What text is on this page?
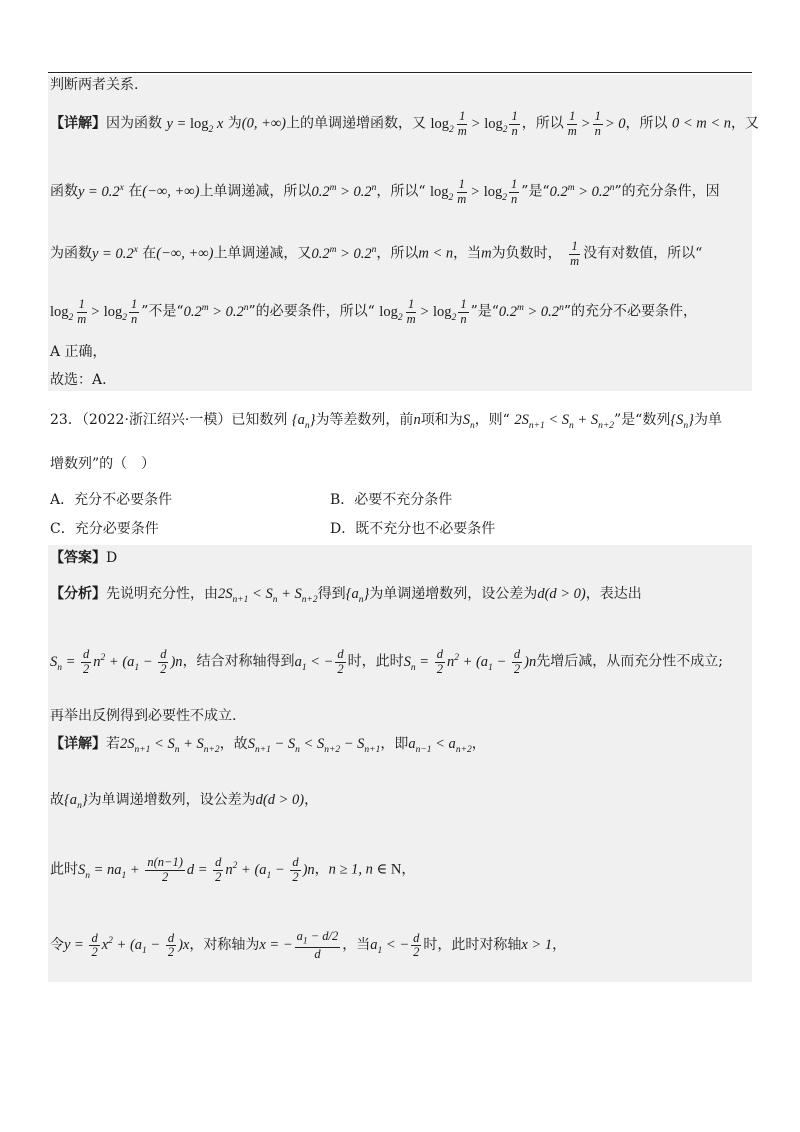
判断两者关系.
【详解】因为函数 $y = \log_2 x$ 为(0, +∞)上的单调递增函数，又 $\log_2 \frac{1}{m} > \log_2 \frac{1}{n}$ ，所以 $\frac{1}{m} > \frac{1}{n} > 0$，所以 0 < m < n，又
函数$y = 0.2^x$ 在(−∞, +∞)上单调递减，所以$0.2^m > 0.2^n$，所以“ $\log_2 \frac{1}{m} > \log_2 \frac{1}{n}$ ”是“$0.2^m > 0.2^n$”的充分条件，因
为函数$y = 0.2^x$ 在(−∞, +∞)上单调递减，又$0.2^m > 0.2^n$，所以m < n，当m为负数时， $\frac{1}{m}$ 没有对数值，所以“
$\log_2 \frac{1}{m} > \log_2 \frac{1}{n}$ ”不是“$0.2^m > 0.2^n$”的必要条件，所以“ $\log_2 \frac{1}{m} > \log_2 \frac{1}{n}$ ”是“$0.2^m > 0.2^n$”的充分不必要条件，
A 正确，
故选：A.
23．（2022·浙江绍兴·一模）已知数列 $\{a_n\}$为等差数列，前n项和为$S_n$，则“ $2S_{n+1} < S_n + S_{n+2}$”是“数列$\{S_n\}$为单
增数列”的（　）
A．充分不必要条件	B．必要不充分条件
C．充分必要条件	D．既不充分也不必要条件
【答案】D
【分析】先说明充分性，由$2S_{n+1} < S_n + S_{n+2}$得到$\{a_n\}$为单调递增数列，设公差为d(d > 0)，表达出
$S_n = \frac{d}{2} n^2 + (a_1 - \frac{d}{2} )n$，结合对称轴得到$a_1$ < − $\frac{d}{2}$ 时，此时$S_n = \frac{d}{2} n^2 + (a_1 - \frac{d}{2} )n$先增后减，从而充分性不成立;
再举出反例得到必要性不成立.
【详解】若$2S_{n+1} < S_n + S_{n+2}$，故$S_{n+1} - S_n < S_{n+2} - S_{n+1}$，即$a_{n-1} < a_{n+2}$，
故$\{a_n\}$为单调递增数列，设公差为d(d > 0)，
此时$S_n = na_1 + \frac{n(n-1)}{2}$ $d = \frac{d}{2} n^2 + (a_1 - \frac{d}{2} )n$，n ≥ 1, n ∈ N，
令$y = \frac{d}{2} x^2 + (a_1 - \frac{d}{2} )x$，对称轴为x = − $\frac{a_1 - d/2}{d}$ ，当$a_1$ < − $\frac{d}{2}$ 时，此时对称轴x > 1，
